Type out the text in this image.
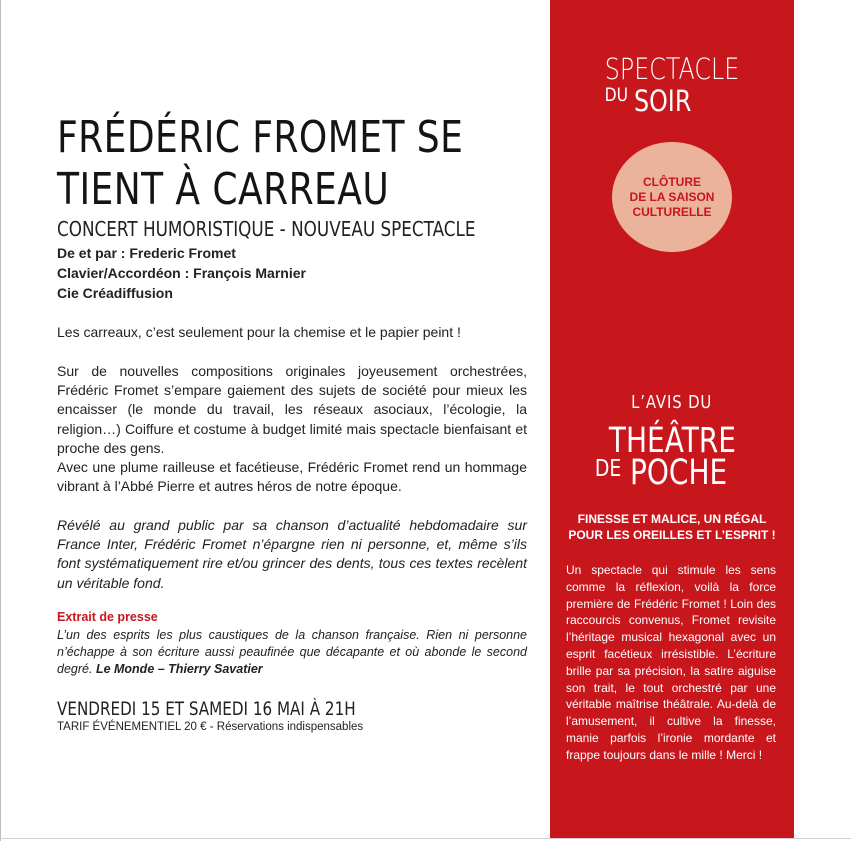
FRÉDÉRIC FROMET SE
TIENT À CARREAU
CONCERT HUMORISTIQUE - NOUVEAU SPECTACLE
De et par : Frederic Fromet
Clavier/Accordéon : François Marnier
Cie Créadiffusion

Les carreaux, c’est seulement pour la chemise et le papier peint !

Sur de nouvelles compositions originales joyeusement orchestrées, Frédéric Fromet s’empare gaiement des sujets de société pour mieux les encaisser (le monde du travail, les réseaux asociaux, l’écologie, la religion…) Coiffure et costume à budget limité mais spectacle bienfaisant et proche des gens.

Avec une plume railleuse et facétieuse, Frédéric Fromet rend un hommage vibrant à l’Abbé Pierre et autres héros de notre époque.

Révélé au grand public par sa chanson d’actualité hebdomadaire sur France Inter, Frédéric Fromet n’épargne rien ni personne, et, même s’ils font systématiquement rire et/ou grincer des dents, tous ces textes recèlent un véritable fond.

Extrait de presse

L’un des esprits les plus caustiques de la chanson française. Rien ni personne n’échappe à son écriture aussi peaufinée que décapante et où abonde le second degré. Le Monde – Thierry Savatier

VENDREDI 15 ET SAMEDI 16 MAI À 21H
TARIF ÉVÉNEMENTIEL 20 € - Réservations indispensables
SPECTACLE
DU SOIR
CLÔTURE
DE LA SAISON
CULTURELLE
L’AVIS DU
THÉÂTRE
DE POCHE
FINESSE ET MALICE, UN RÉGAL
POUR LES OREILLES ET L’ESPRIT !

Un spectacle qui stimule les sens comme la réflexion, voilà la force première de Frédéric Fromet ! Loin des raccourcis convenus, Fromet revisite l’héritage musical hexagonal avec un esprit facétieux irrésistible. L’écriture brille par sa précision, la satire aiguise son trait, le tout orchestré par une véritable maîtrise théâtrale. Au-delà de l’amusement, il cultive la finesse, manie parfois l’ironie mordante et frappe toujours dans le mille ! Merci !
